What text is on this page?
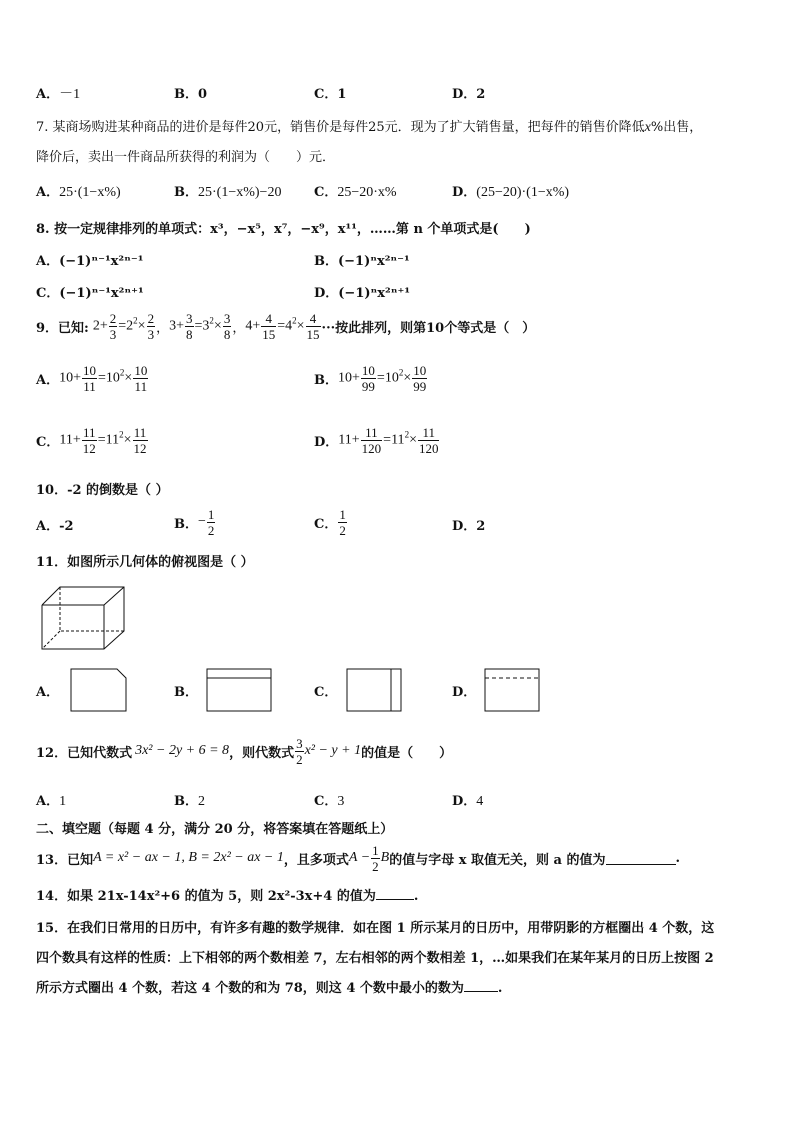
A．－1	B．0	C．1	D．2
7. 某商场购进某种商品的进价是每件20元，销售价是每件25元．现为了扩大销售量，把每件的销售价降低x%出售，
降价后，卖出一件商品所获得的利润为（　　）元．
A．25·(1−x%)	B．25·(1−x%)−20	C．25−20·x%	D．(25−20)·(1−x%)
8. 按一定规律排列的单项式：x³，−x⁵，x⁷，−x⁹，x¹¹，……第 n 个单项式是(　　)
A．(−1)ⁿ⁻¹x²ⁿ⁻¹	B．(−1)ⁿx²ⁿ⁻¹
C．(−1)ⁿ⁻¹x²ⁿ⁺¹	D．(−1)ⁿx²ⁿ⁺¹
9．已知: $2+ \frac{2}{3} =2^2\times \frac{2}{3}$ ， $3+ \frac{3}{8} =3^2\times \frac{3}{8}$ ， $4+ \frac{4}{15} =4^2\times \frac{4}{15}$ ···按此排列，则第10个等式是（　）
A． $10+ \frac{10}{11} =10^2\times \frac{10}{11}$	B． $10+ \frac{10}{99} =10^2\times \frac{10}{99}$
C． $11+ \frac{11}{12} =11^2\times \frac{11}{12}$	D． $11+ \frac{11}{120} =11^2\times \frac{11}{120}$
10．-2 的倒数是（ ）
A．-2	B． − $\frac{1}{2}$	C． $\frac{1}{2}$	D．2
11．如图所示几何体的俯视图是（ ）
A．	B．	C．	D．
12．已知代数式 3x² − 2y + 6 = 8 ，则代数式 $\frac{3}{2} x^2 - y + 1$ 的值是（　　）
A．1	B．2	C．3	D．4
二、填空题（每题 4 分，满分 20 分，将答案填在答题纸上）
13．已知 A = x² − ax − 1, B = 2x² − ax − 1 ，且多项式 $A - \frac{1}{2}$ B 的值与字母 x 取值无关，则 a 的值为	.
14．如果 21x-14x²+6 的值为 5，则 2x²-3x+4 的值为	.
15．在我们日常用的日历中，有许多有趣的数学规律．如在图 1 所示某月的日历中，用带阴影的方框圈出 4 个数，这
四个数具有这样的性质：上下相邻的两个数相差 7，左右相邻的两个数相差 1，…如果我们在某年某月的日历上按图 2
所示方式圈出 4 个数，若这 4 个数的和为 78，则这 4 个数中最小的数为	.
